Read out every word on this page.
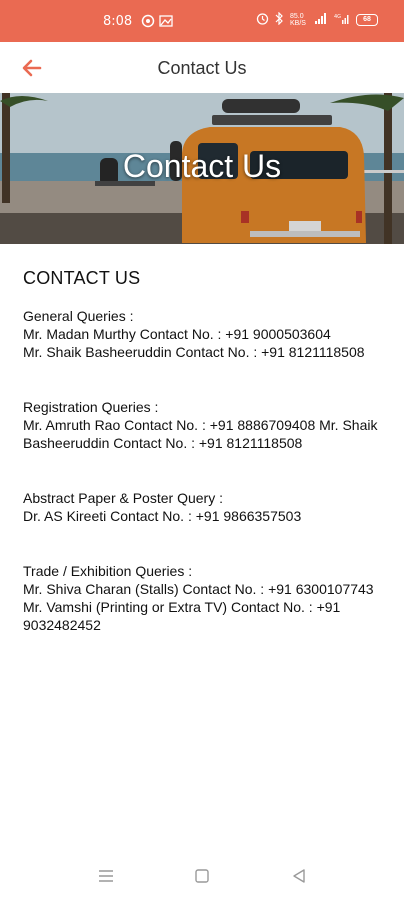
8:08	85.0
KB/S
4G	68
Contact Us
Contact Us
CONTACT US

General Queries :

Mr. Madan Murthy Contact No. : +91 9000503604

Mr. Shaik Basheeruddin Contact No. : +91 8121118508

Registration Queries :

Mr. Amruth Rao Contact No. : +91 8886709408 Mr. Shaik Basheeruddin Contact No. : +91 8121118508

Abstract Paper & Poster Query :

Dr. AS Kireeti Contact No. : +91 9866357503

Trade / Exhibition Queries :

Mr. Shiva Charan (Stalls) Contact No. : +91 6300107743 Mr. Vamshi (Printing or Extra TV) Contact No. : +91 9032482452
